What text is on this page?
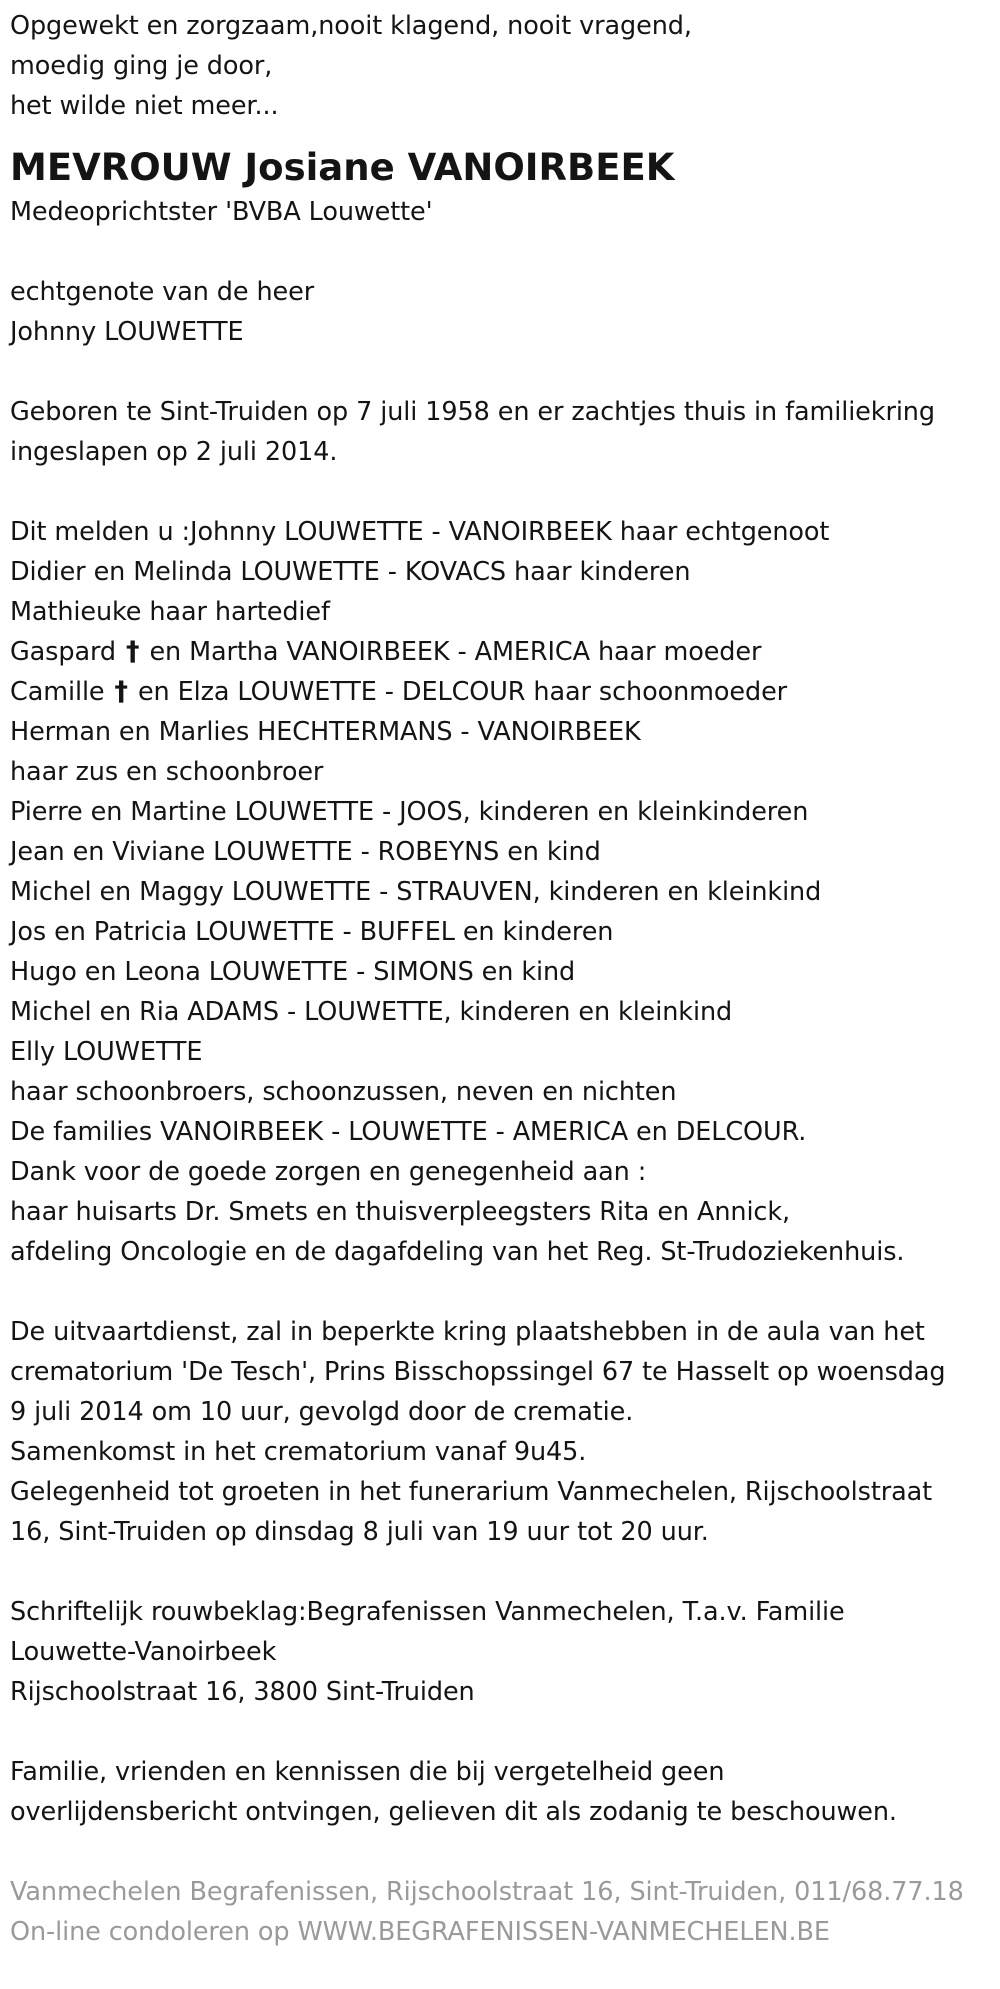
Opgewekt en zorgzaam,nooit klagend, nooit vragend,
moedig ging je door,
het wilde niet meer...
MEVROUW Josiane VANOIRBEEK
Medeoprichtster 'BVBA Louwette'
echtgenote van de heer
Johnny LOUWETTE
Geboren te Sint-Truiden op 7 juli 1958 en er zachtjes thuis in familiekring
ingeslapen op 2 juli 2014.
Dit melden u :Johnny LOUWETTE - VANOIRBEEK haar echtgenoot
Didier en Melinda LOUWETTE - KOVACS haar kinderen
Mathieuke haar hartedief
Gaspard † en Martha VANOIRBEEK - AMERICA haar moeder
Camille † en Elza LOUWETTE - DELCOUR haar schoonmoeder
Herman en Marlies HECHTERMANS - VANOIRBEEK
haar zus en schoonbroer
Pierre en Martine LOUWETTE - JOOS, kinderen en kleinkinderen
Jean en Viviane LOUWETTE - ROBEYNS en kind
Michel en Maggy LOUWETTE - STRAUVEN, kinderen en kleinkind
Jos en Patricia LOUWETTE - BUFFEL en kinderen
Hugo en Leona LOUWETTE - SIMONS en kind
Michel en Ria ADAMS - LOUWETTE, kinderen en kleinkind
Elly LOUWETTE
haar schoonbroers, schoonzussen, neven en nichten
De families VANOIRBEEK - LOUWETTE - AMERICA en DELCOUR.
Dank voor de goede zorgen en genegenheid aan :
haar huisarts Dr. Smets en thuisverpleegsters Rita en Annick,
afdeling Oncologie en de dagafdeling van het Reg. St-Trudoziekenhuis.
De uitvaartdienst, zal in beperkte kring plaatshebben in de aula van het
crematorium 'De Tesch', Prins Bisschopssingel 67 te Hasselt op woensdag
9 juli 2014 om 10 uur, gevolgd door de crematie.
Samenkomst in het crematorium vanaf 9u45.
Gelegenheid tot groeten in het funerarium Vanmechelen, Rijschoolstraat
16, Sint-Truiden op dinsdag 8 juli van 19 uur tot 20 uur.
Schriftelijk rouwbeklag:Begrafenissen Vanmechelen, T.a.v. Familie
Louwette-Vanoirbeek
Rijschoolstraat 16, 3800 Sint-Truiden
Familie, vrienden en kennissen die bij vergetelheid geen
overlijdensbericht ontvingen, gelieven dit als zodanig te beschouwen.
Vanmechelen Begrafenissen, Rijschoolstraat 16, Sint-Truiden, 011/68.77.18
On-line condoleren op WWW.BEGRAFENISSEN-VANMECHELEN.BE
